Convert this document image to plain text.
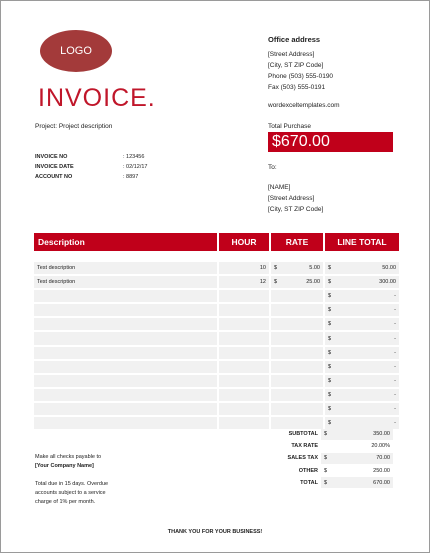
LOGO
INVOICE.
Office address
[Street Address]
[City, ST ZIP Code]
Phone (503) 555-0190
Fax (503) 555-0191
wordexceltemplates.com
Project: Project description
INVOICE NO	: 123456
INVOICE DATE	: 02/12/17
ACCOUNT NO	: 8897
Total Purchase
$670.00
To:
[NAME]
[Street Address]
[City, ST ZIP Code]
Description	HOUR	RATE	LINE TOTAL

Test description	10	$ 5.00	$ 50.00

Test description	12	$ 25.00	$ 300.00

			$ -

			$ -

			$ -

			$ -

			$ -

			$ -

			$ -

			$ -

			$ -

			$ -
SUBTOTAL	$	350.00
TAX RATE	20.00%
SALES TAX	$	70.00
OTHER	$	250.00
TOTAL	$	670.00
Make all checks payable to
[Your Company Name]
Total due in 15 days. Overdue accounts subject to a service charge of 1% per month.
THANK YOU FOR YOUR BUSINESS!
